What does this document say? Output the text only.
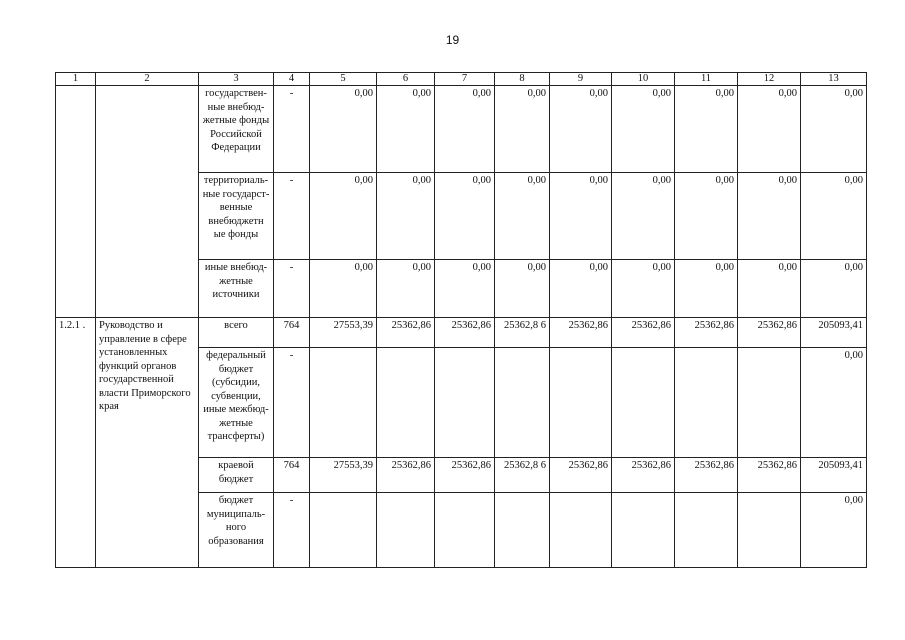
19
1	2	3	4	5	6	7	8	9	10	11	12	13
		государствен-ные внебюд-жетные фонды Российской Федерации	-	0,00	0,00	0,00	0,00	0,00	0,00	0,00	0,00	0,00
		территориаль-ные государст-венные внебюджетн ые фонды	-	0,00	0,00	0,00	0,00	0,00	0,00	0,00	0,00	0,00
		иные внебюд-жетные источники	-	0,00	0,00	0,00	0,00	0,00	0,00	0,00	0,00	0,00
1.2.1 .	Руководство и управление в сфере установленных функций органов государственной власти Приморского края	всего	764	27553,39	25362,86	25362,86	25362,8 6	25362,86	25362,86	25362,86	25362,86	205093,41
		федеральный бюджет (субсидии, субвенции, иные межбюд-жетные трансферты)	-									0,00
		краевой бюджет	764	27553,39	25362,86	25362,86	25362,8 6	25362,86	25362,86	25362,86	25362,86	205093,41
		бюджет муниципаль-ного образования	-									0,00
